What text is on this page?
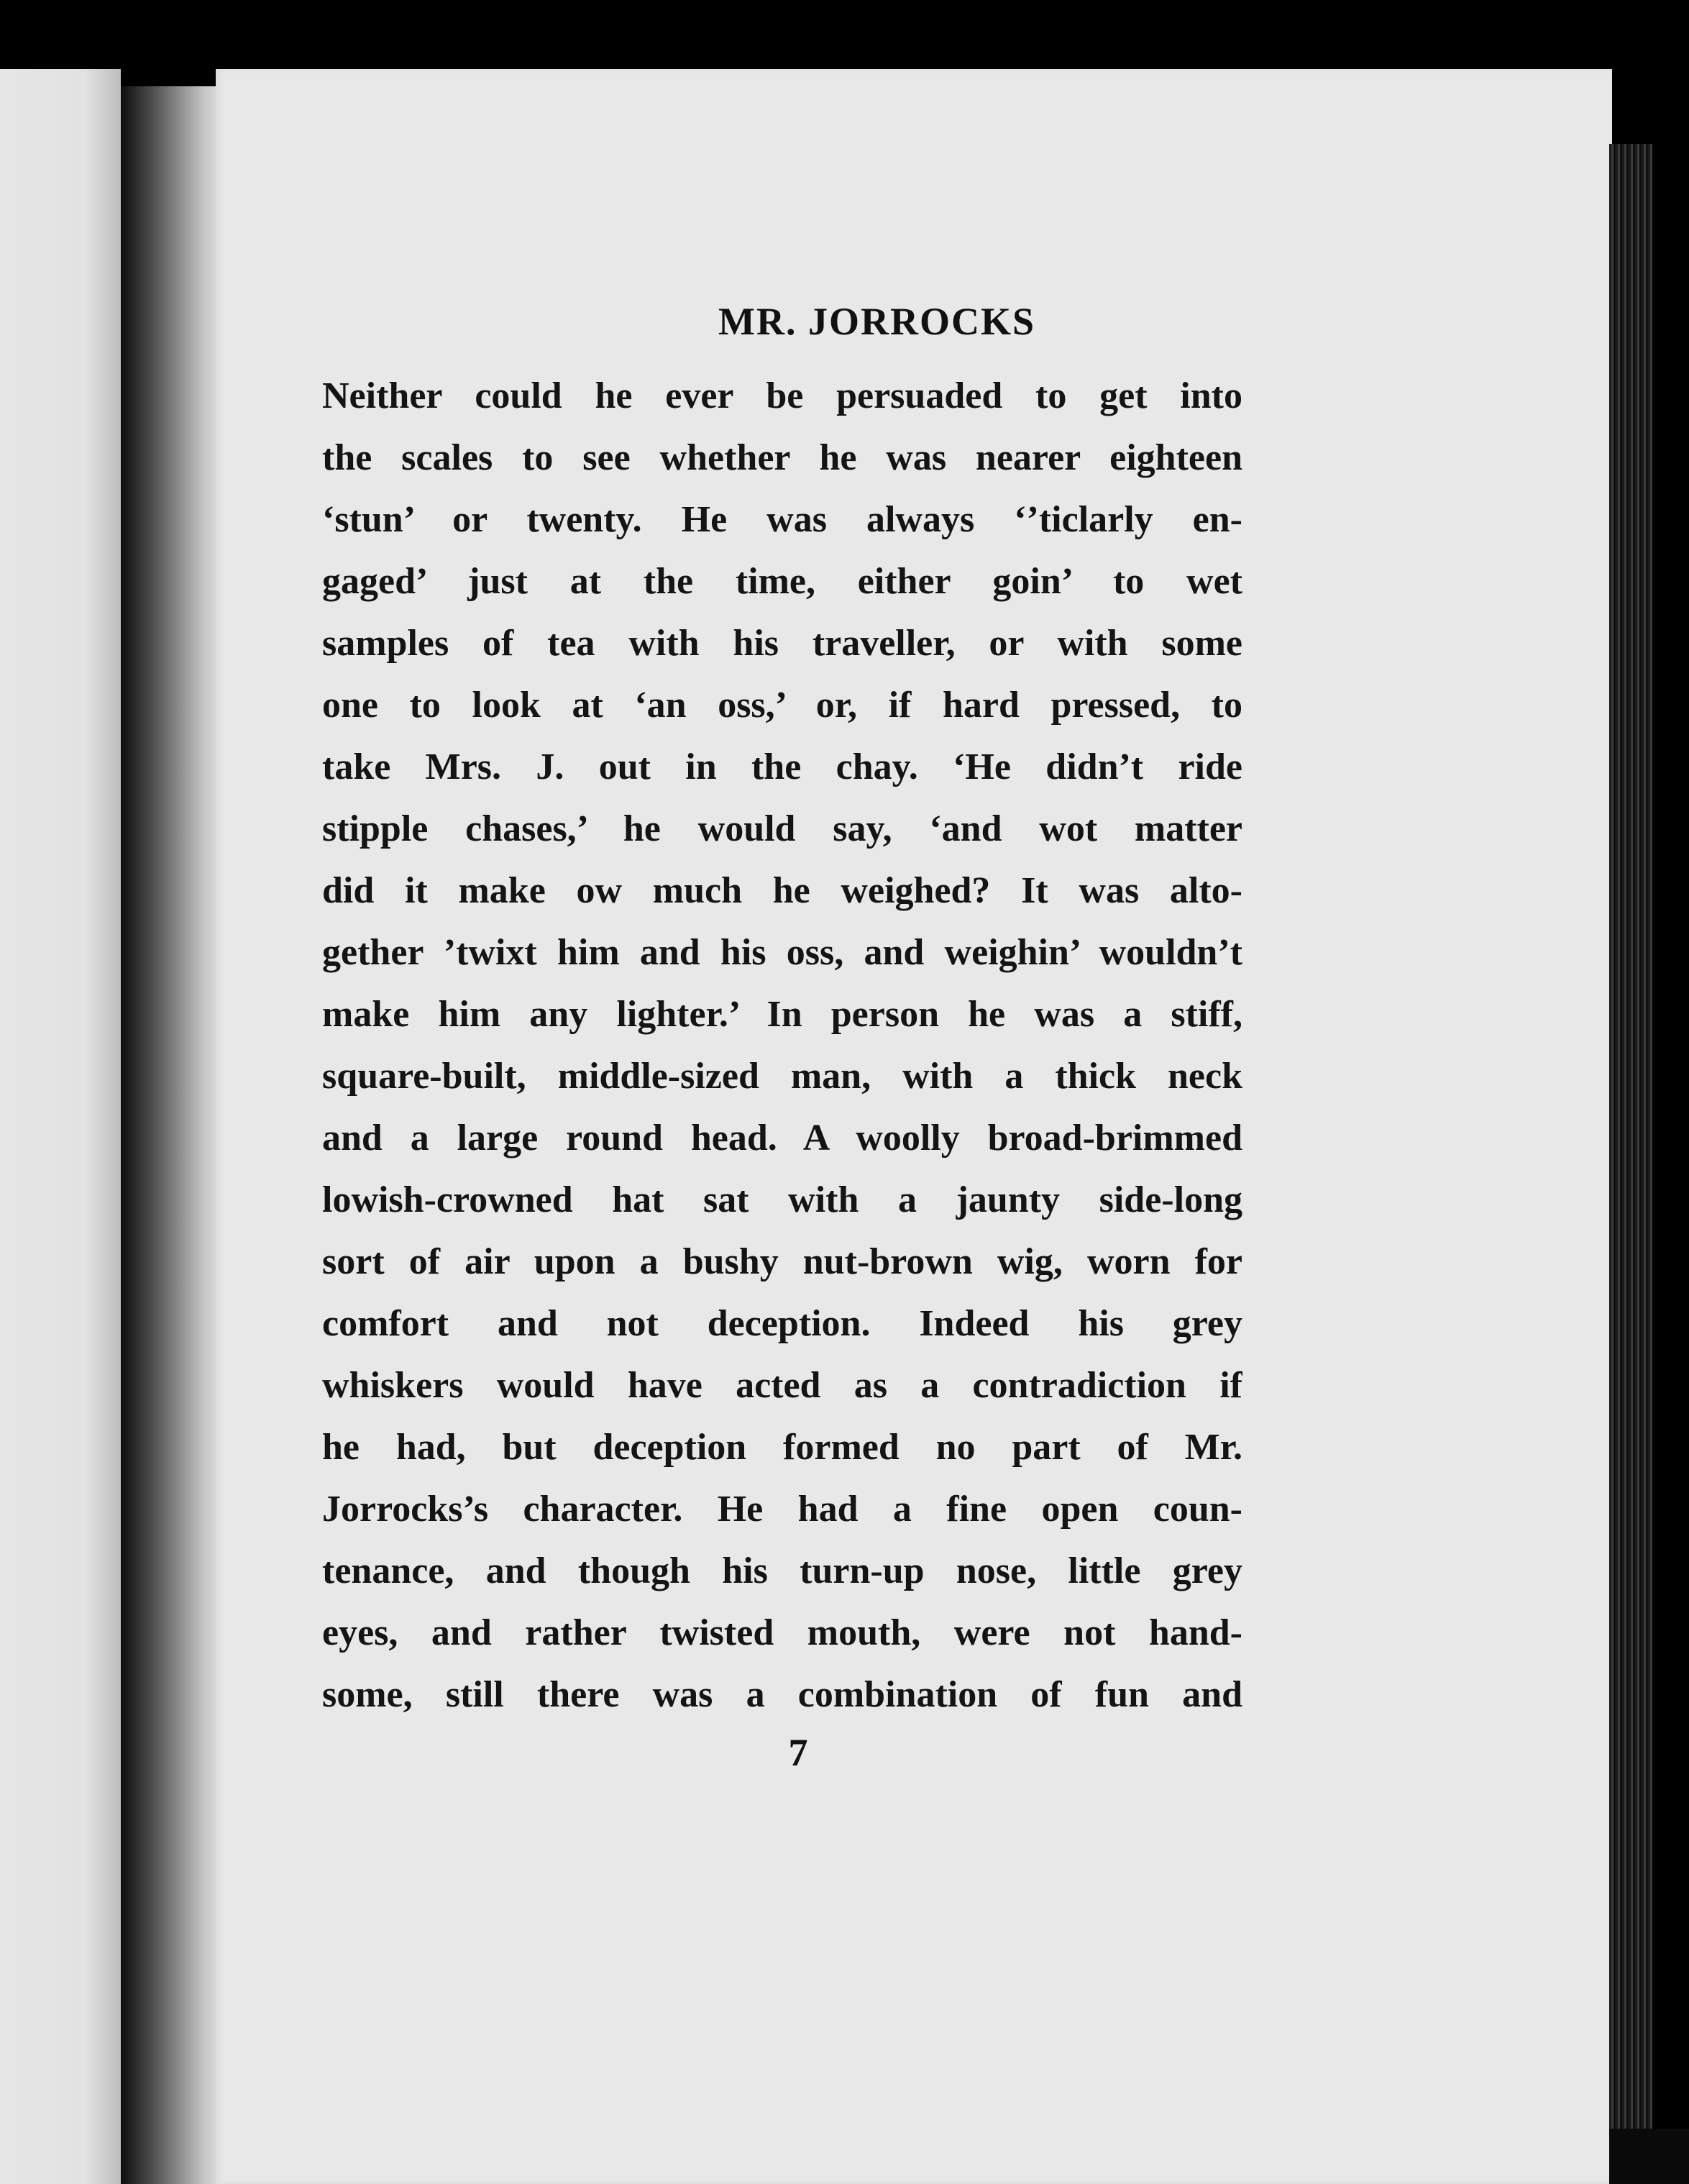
MR. JORROCKS
Neither could he ever be persuaded to get into
the scales to see whether he was nearer eighteen
‘stun’ or twenty. He was always ‘’ticlarly en-
gaged’ just at the time, either goin’ to wet
samples of tea with his traveller, or with some
one to look at ‘an oss,’ or, if hard pressed, to
take Mrs. J. out in the chay. ‘He didn’t ride
stipple chases,’ he would say, ‘and wot matter
did it make ow much he weighed? It was alto-
gether ’twixt him and his oss, and weighin’ wouldn’t
make him any lighter.’ In person he was a stiff,
square-built, middle-sized man, with a thick neck
and a large round head. A woolly broad-brimmed
lowish-crowned hat sat with a jaunty side-long
sort of air upon a bushy nut-brown wig, worn for
comfort and not deception. Indeed his grey
whiskers would have acted as a contradiction if
he had, but deception formed no part of Mr.
Jorrocks’s character. He had a fine open coun-
tenance, and though his turn-up nose, little grey
eyes, and rather twisted mouth, were not hand-
some, still there was a combination of fun and
7
